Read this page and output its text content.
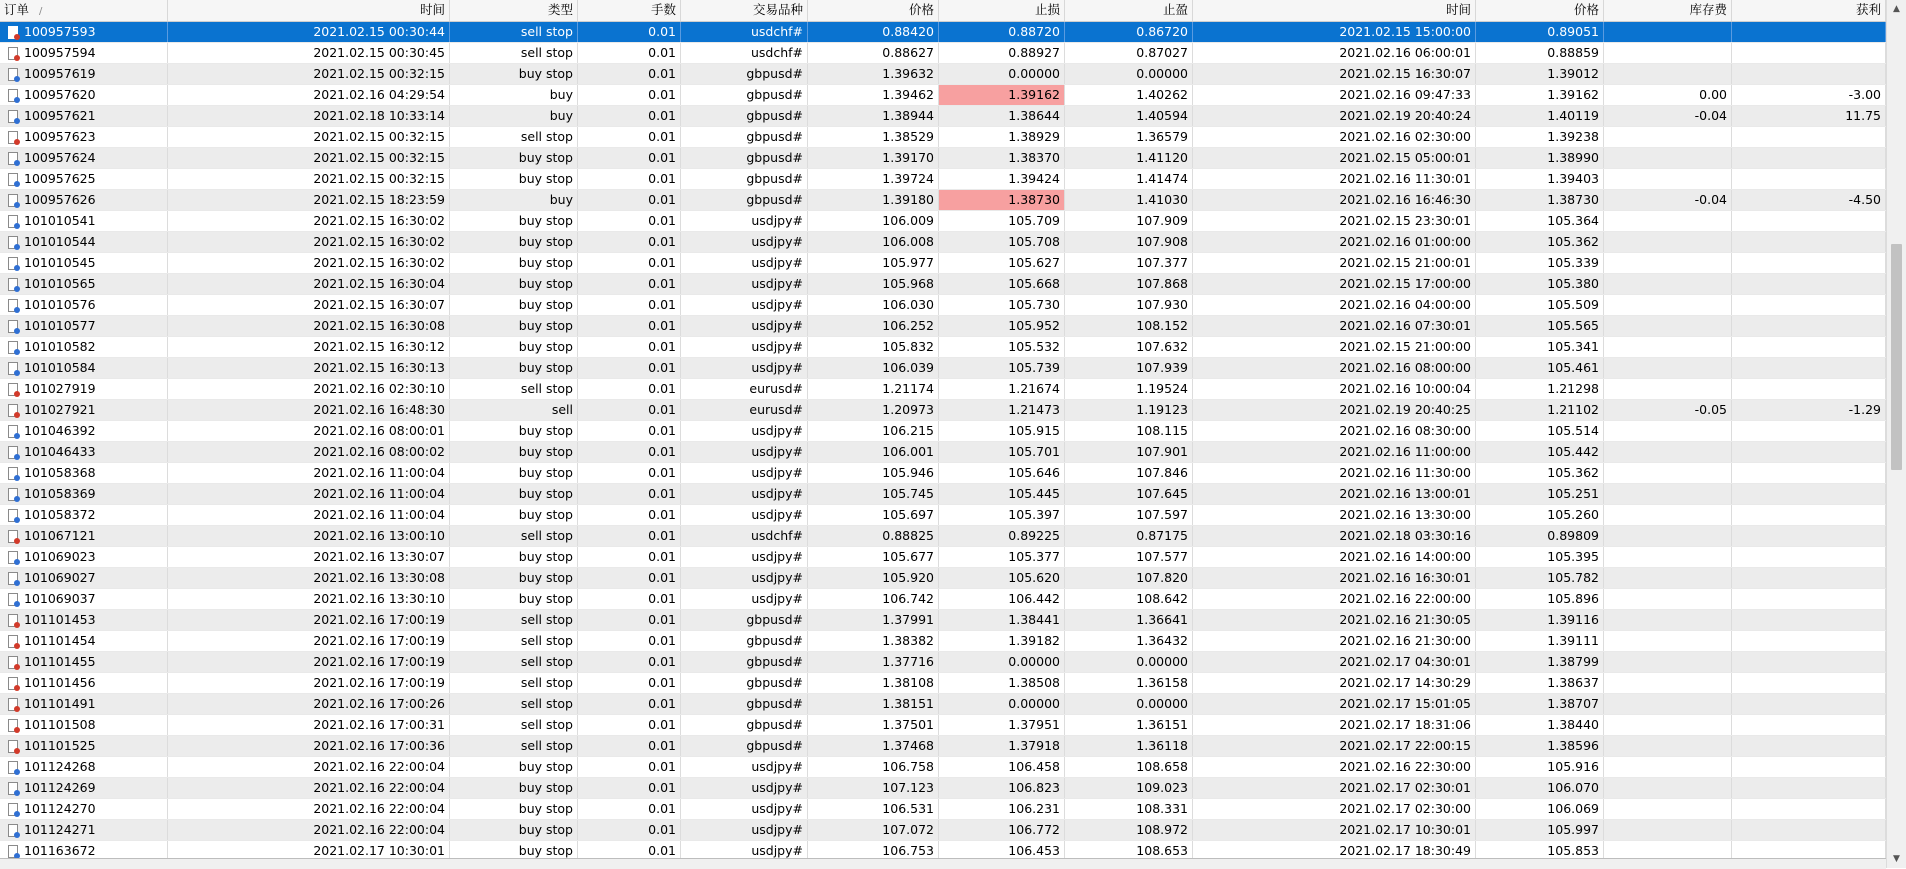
订单 /	时间	类型	手数	交易品种	价格	止损	止盈	时间	价格	库存费	获利
100957593	2021.02.15 00:30:44	sell stop	0.01	usdchf#	0.88420	0.88720	0.86720	2021.02.15 15:00:00	0.89051
100957594	2021.02.15 00:30:45	sell stop	0.01	usdchf#	0.88627	0.88927	0.87027	2021.02.16 06:00:01	0.88859
100957619	2021.02.15 00:32:15	buy stop	0.01	gbpusd#	1.39632	0.00000	0.00000	2021.02.15 16:30:07	1.39012
100957620	2021.02.16 04:29:54	buy	0.01	gbpusd#	1.39462	1.39162	1.40262	2021.02.16 09:47:33	1.39162	0.00	-3.00
100957621	2021.02.18 10:33:14	buy	0.01	gbpusd#	1.38944	1.38644	1.40594	2021.02.19 20:40:24	1.40119	-0.04	11.75
100957623	2021.02.15 00:32:15	sell stop	0.01	gbpusd#	1.38529	1.38929	1.36579	2021.02.16 02:30:00	1.39238
100957624	2021.02.15 00:32:15	buy stop	0.01	gbpusd#	1.39170	1.38370	1.41120	2021.02.15 05:00:01	1.38990
100957625	2021.02.15 00:32:15	buy stop	0.01	gbpusd#	1.39724	1.39424	1.41474	2021.02.16 11:30:01	1.39403
100957626	2021.02.15 18:23:59	buy	0.01	gbpusd#	1.39180	1.38730	1.41030	2021.02.16 16:46:30	1.38730	-0.04	-4.50
101010541	2021.02.15 16:30:02	buy stop	0.01	usdjpy#	106.009	105.709	107.909	2021.02.15 23:30:01	105.364
101010544	2021.02.15 16:30:02	buy stop	0.01	usdjpy#	106.008	105.708	107.908	2021.02.16 01:00:00	105.362
101010545	2021.02.15 16:30:02	buy stop	0.01	usdjpy#	105.977	105.627	107.377	2021.02.15 21:00:01	105.339
101010565	2021.02.15 16:30:04	buy stop	0.01	usdjpy#	105.968	105.668	107.868	2021.02.15 17:00:00	105.380
101010576	2021.02.15 16:30:07	buy stop	0.01	usdjpy#	106.030	105.730	107.930	2021.02.16 04:00:00	105.509
101010577	2021.02.15 16:30:08	buy stop	0.01	usdjpy#	106.252	105.952	108.152	2021.02.16 07:30:01	105.565
101010582	2021.02.15 16:30:12	buy stop	0.01	usdjpy#	105.832	105.532	107.632	2021.02.15 21:00:00	105.341
101010584	2021.02.15 16:30:13	buy stop	0.01	usdjpy#	106.039	105.739	107.939	2021.02.16 08:00:00	105.461
101027919	2021.02.16 02:30:10	sell stop	0.01	eurusd#	1.21174	1.21674	1.19524	2021.02.16 10:00:04	1.21298
101027921	2021.02.16 16:48:30	sell	0.01	eurusd#	1.20973	1.21473	1.19123	2021.02.19 20:40:25	1.21102	-0.05	-1.29
101046392	2021.02.16 08:00:01	buy stop	0.01	usdjpy#	106.215	105.915	108.115	2021.02.16 08:30:00	105.514
101046433	2021.02.16 08:00:02	buy stop	0.01	usdjpy#	106.001	105.701	107.901	2021.02.16 11:00:00	105.442
101058368	2021.02.16 11:00:04	buy stop	0.01	usdjpy#	105.946	105.646	107.846	2021.02.16 11:30:00	105.362
101058369	2021.02.16 11:00:04	buy stop	0.01	usdjpy#	105.745	105.445	107.645	2021.02.16 13:00:01	105.251
101058372	2021.02.16 11:00:04	buy stop	0.01	usdjpy#	105.697	105.397	107.597	2021.02.16 13:30:00	105.260
101067121	2021.02.16 13:00:10	sell stop	0.01	usdchf#	0.88825	0.89225	0.87175	2021.02.18 03:30:16	0.89809
101069023	2021.02.16 13:30:07	buy stop	0.01	usdjpy#	105.677	105.377	107.577	2021.02.16 14:00:00	105.395
101069027	2021.02.16 13:30:08	buy stop	0.01	usdjpy#	105.920	105.620	107.820	2021.02.16 16:30:01	105.782
101069037	2021.02.16 13:30:10	buy stop	0.01	usdjpy#	106.742	106.442	108.642	2021.02.16 22:00:00	105.896
101101453	2021.02.16 17:00:19	sell stop	0.01	gbpusd#	1.37991	1.38441	1.36641	2021.02.16 21:30:05	1.39116
101101454	2021.02.16 17:00:19	sell stop	0.01	gbpusd#	1.38382	1.39182	1.36432	2021.02.16 21:30:00	1.39111
101101455	2021.02.16 17:00:19	sell stop	0.01	gbpusd#	1.37716	0.00000	0.00000	2021.02.17 04:30:01	1.38799
101101456	2021.02.16 17:00:19	sell stop	0.01	gbpusd#	1.38108	1.38508	1.36158	2021.02.17 14:30:29	1.38637
101101491	2021.02.16 17:00:26	sell stop	0.01	gbpusd#	1.38151	0.00000	0.00000	2021.02.17 15:01:05	1.38707
101101508	2021.02.16 17:00:31	sell stop	0.01	gbpusd#	1.37501	1.37951	1.36151	2021.02.17 18:31:06	1.38440
101101525	2021.02.16 17:00:36	sell stop	0.01	gbpusd#	1.37468	1.37918	1.36118	2021.02.17 22:00:15	1.38596
101124268	2021.02.16 22:00:04	buy stop	0.01	usdjpy#	106.758	106.458	108.658	2021.02.16 22:30:00	105.916
101124269	2021.02.16 22:00:04	buy stop	0.01	usdjpy#	107.123	106.823	109.023	2021.02.17 02:30:01	106.070
101124270	2021.02.16 22:00:04	buy stop	0.01	usdjpy#	106.531	106.231	108.331	2021.02.17 02:30:00	106.069
101124271	2021.02.16 22:00:04	buy stop	0.01	usdjpy#	107.072	106.772	108.972	2021.02.17 10:30:01	105.997
101163672	2021.02.17 10:30:01	buy stop	0.01	usdjpy#	106.753	106.453	108.653	2021.02.17 18:30:49	105.853
▲
▼
